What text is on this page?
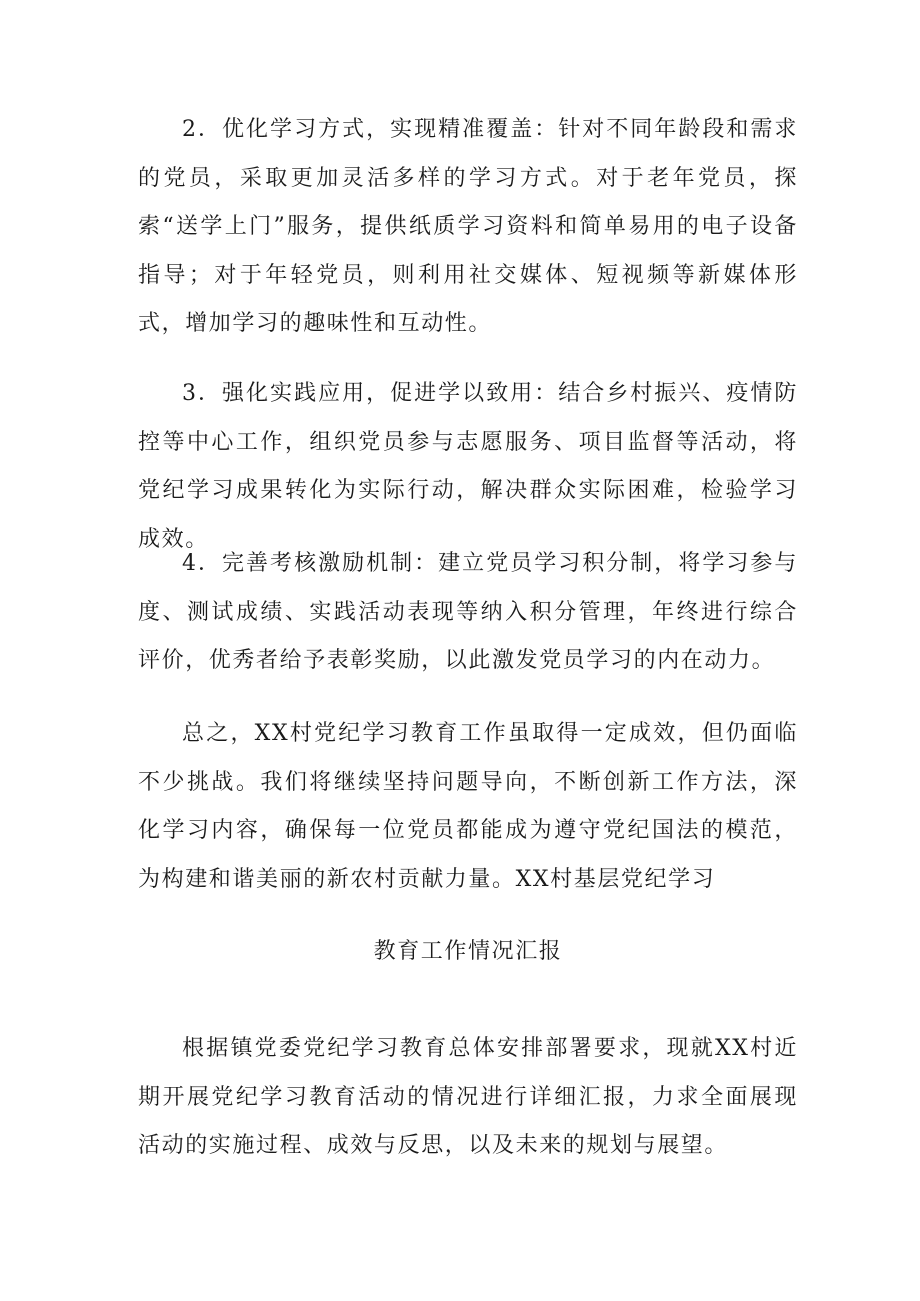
2．优化学习方式，实现精准覆盖：针对不同年龄段和需求的党员，采取更加灵活多样的学习方式。对于老年党员，探索“送学上门”服务，提供纸质学习资料和简单易用的电子设备指导；对于年轻党员，则利用社交媒体、短视频等新媒体形式，增加学习的趣味性和互动性。

3．强化实践应用，促进学以致用：结合乡村振兴、疫情防控等中心工作，组织党员参与志愿服务、项目监督等活动，将党纪学习成果转化为实际行动，解决群众实际困难，检验学习成效。

4．完善考核激励机制：建立党员学习积分制，将学习参与度、测试成绩、实践活动表现等纳入积分管理，年终进行综合评价，优秀者给予表彰奖励，以此激发党员学习的内在动力。

总之，XX村党纪学习教育工作虽取得一定成效，但仍面临不少挑战。我们将继续坚持问题导向，不断创新工作方法，深化学习内容，确保每一位党员都能成为遵守党纪国法的模范，为构建和谐美丽的新农村贡献力量。XX村基层党纪学习

教育工作情况汇报

根据镇党委党纪学习教育总体安排部署要求，现就XX村近期开展党纪学习教育活动的情况进行详细汇报，力求全面展现活动的实施过程、成效与反思，以及未来的规划与展望。
